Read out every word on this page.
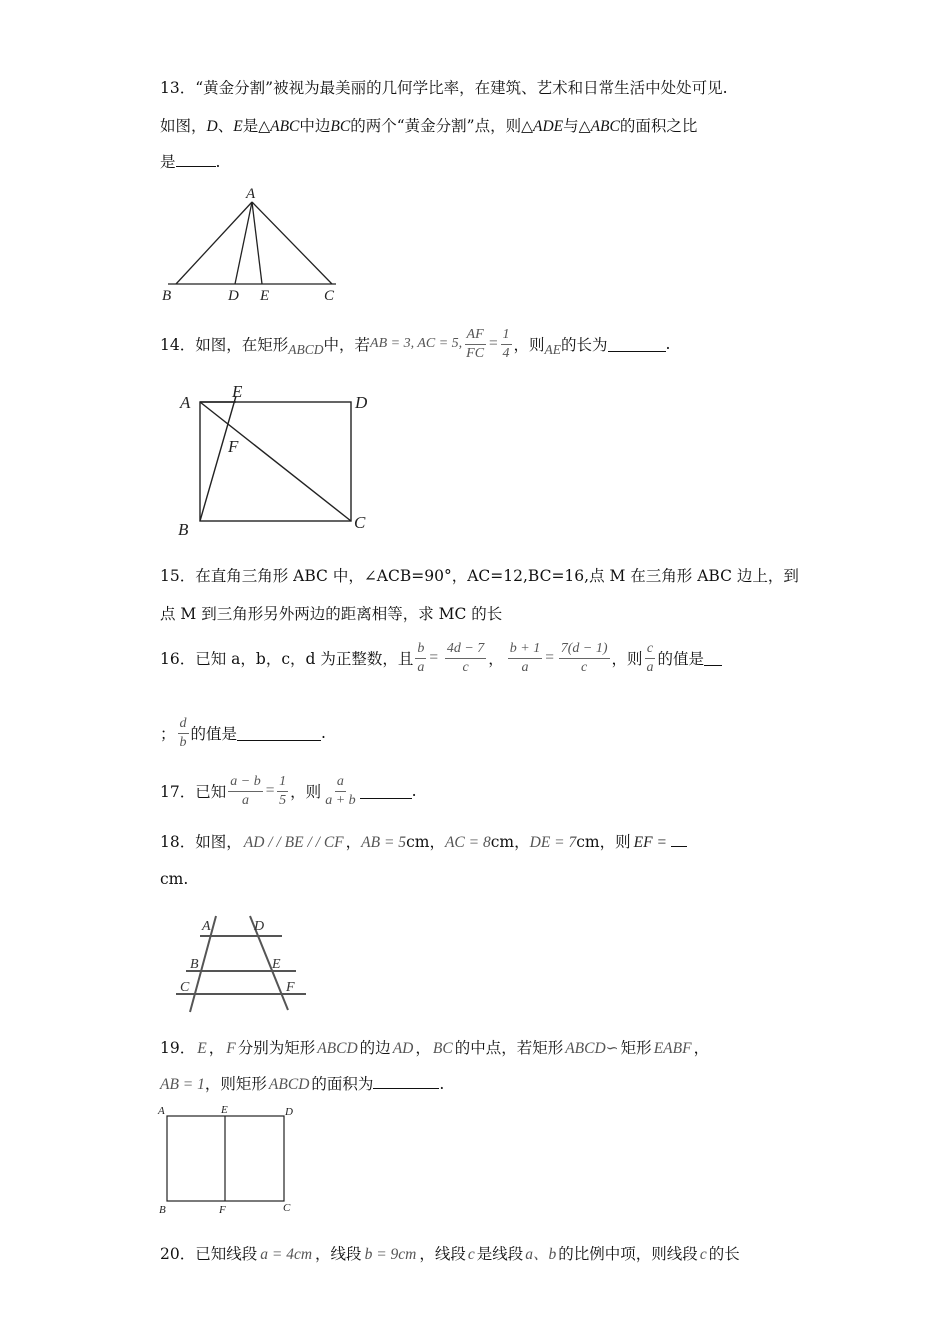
13．“黄金分割”被视为最美丽的几何学比率，在建筑、艺术和日常生活中处处可见.
如图，D、E是△ABC中边BC的两个“黄金分割”点，则△ADE与△ABC的面积之比
是	.
A
B	D E	C
14． 如图，在矩形 ABCD 中，若 AB = 3, AC = 5, $\frac{AF}{FC} = \frac{1}{4}$ ，则 AE 的长为	.
A
E
D
F
B	C
15．在直角三角形 ABC 中，∠ACB=90°，AC=12,BC=16,点 M 在三角形 ABC 边上，到
点 M 到三角形另外两边的距离相等，求 MC 的长
16． 已知 a，b，c，d 为正整数，且 $\frac{b}{a} = \frac{4d - 7}{c}$ ， $\frac{b + 1}{a} = \frac{7(d - 1)}{c}$ ，则 $\frac{c}{a}$ 的值是
； $\frac{d}{b}$ 的值是	.
17． 已知 $\frac{a - b}{a} = \frac{1}{5}$ ，则 $\frac{a}{a + b}$	.
18．如图， AD / / BE / / CF ，AB = 5cm，AC = 8cm，DE = 7cm，则 EF =
cm.
A	D
B	E
C	F
19． E ， F 分别为矩形 ABCD 的边 AD ， BC 的中点，若矩形 ABCD∽ 矩形 EABF ，
AB = 1，则矩形 ABCD 的面积为	.
A	E	D
B	F	C
20．已知线段 a = 4cm ，线段 b = 9cm ，线段 c 是线段 a、b 的比例中项，则线段 c 的长
